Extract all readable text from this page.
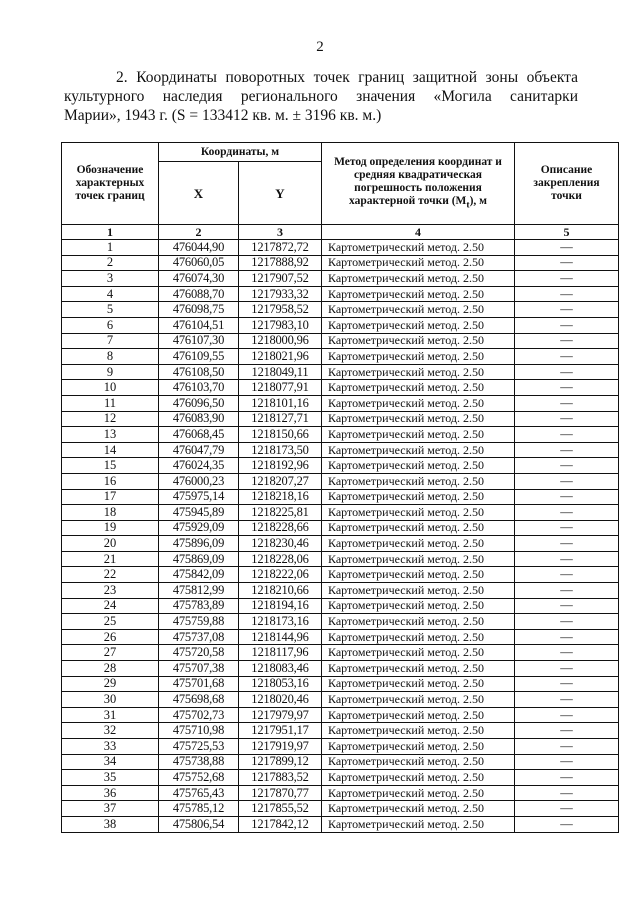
2
2. Координаты поворотных точек границ защитной зоны объекта
культурного наследия регионального значения «Могила санитарки
Марии», 1943 г. (S = 133412 кв. м. ± 3196 кв. м.)
Обозначение характерных точек границ	Координаты, м		Метод определения координат и средняя квадратическая погрешность положения характерной точки $(M_t)$, м	Описание закрепления точки
	X	Y		
1	2	3	4	5
1	476044,90	1217872,72	Картометрический метод. 2.50	—
2	476060,05	1217888,92	Картометрический метод. 2.50	—
3	476074,30	1217907,52	Картометрический метод. 2.50	—
4	476088,70	1217933,32	Картометрический метод. 2.50	—
5	476098,75	1217958,52	Картометрический метод. 2.50	—
6	476104,51	1217983,10	Картометрический метод. 2.50	—
7	476107,30	1218000,96	Картометрический метод. 2.50	—
8	476109,55	1218021,96	Картометрический метод. 2.50	—
9	476108,50	1218049,11	Картометрический метод. 2.50	—
10	476103,70	1218077,91	Картометрический метод. 2.50	—
11	476096,50	1218101,16	Картометрический метод. 2.50	—
12	476083,90	1218127,71	Картометрический метод. 2.50	—
13	476068,45	1218150,66	Картометрический метод. 2.50	—
14	476047,79	1218173,50	Картометрический метод. 2.50	—
15	476024,35	1218192,96	Картометрический метод. 2.50	—
16	476000,23	1218207,27	Картометрический метод. 2.50	—
17	475975,14	1218218,16	Картометрический метод. 2.50	—
18	475945,89	1218225,81	Картометрический метод. 2.50	—
19	475929,09	1218228,66	Картометрический метод. 2.50	—
20	475896,09	1218230,46	Картометрический метод. 2.50	—
21	475869,09	1218228,06	Картометрический метод. 2.50	—
22	475842,09	1218222,06	Картометрический метод. 2.50	—
23	475812,99	1218210,66	Картометрический метод. 2.50	—
24	475783,89	1218194,16	Картометрический метод. 2.50	—
25	475759,88	1218173,16	Картометрический метод. 2.50	—
26	475737,08	1218144,96	Картометрический метод. 2.50	—
27	475720,58	1218117,96	Картометрический метод. 2.50	—
28	475707,38	1218083,46	Картометрический метод. 2.50	—
29	475701,68	1218053,16	Картометрический метод. 2.50	—
30	475698,68	1218020,46	Картометрический метод. 2.50	—
31	475702,73	1217979,97	Картометрический метод. 2.50	—
32	475710,98	1217951,17	Картометрический метод. 2.50	—
33	475725,53	1217919,97	Картометрический метод. 2.50	—
34	475738,88	1217899,12	Картометрический метод. 2.50	—
35	475752,68	1217883,52	Картометрический метод. 2.50	—
36	475765,43	1217870,77	Картометрический метод. 2.50	—
37	475785,12	1217855,52	Картометрический метод. 2.50	—
38	475806,54	1217842,12	Картометрический метод. 2.50	—
